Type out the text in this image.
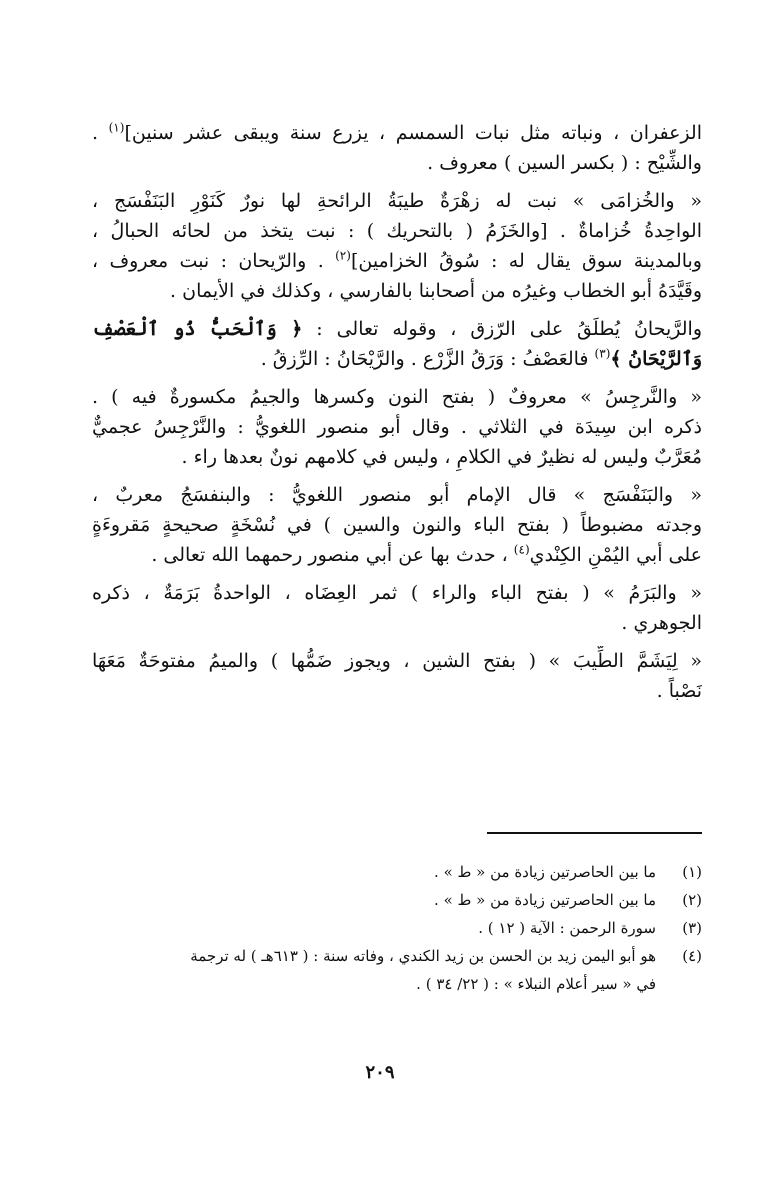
الزعفران ، ونباته مثل نبات السمسم ، يزرع سنة ويبقى عشر سنين]$^{(١)}$ .
والشِّيْح : ( بكسر السين ) معروف .
« والخُزامَى » نبت له زهْرَةٌ طيبَةُ الرائحةِ لها نورٌ كَنَوْرِ البَنَفْسَج ،
الواحِدةُ خُزاماةٌ . [والخَزَمُ ( بالتحريك ) : نبت يتخذ من لحائه الحبالُ ،
وبالمدينة سوق يقال له : سُوقُ الخزامين]$^{(٢)}$ . والرّيحان : نبت معروف ،
وقَيَّدَهُ أبو الخطاب وغيرُه من أصحابنا بالفارسي ، وكذلك في الأيمان .
والرَّيحانُ يُطلَقُ على الرّزق ، وقوله تعالى : ﴿ وَٱلْحَبُّ ذُو ٱلْعَصْفِ
وَٱلرَّيْحَانُ ﴾$^{(٣)}$ فالعَصْفُ : وَرَقُ الزَّرْع . والرَّيْحَانُ : الرِّزقُ .
« والنَّرجِسُ » معروفٌ ( بفتح النون وكسرها والجيمُ مكسورةٌ فيه ) .
ذكره ابن سِيدَة في الثلاثي . وقال أبو منصور اللغويُّ : والنَّرْجِسُ عجميٌّ
مُعَرَّبٌ وليس له نظيرٌ في الكلامِ ، وليس في كلامهم نونٌ بعدها راء .
« والبَنَفْسَج » قال الإمام أبو منصور اللغويُّ : والبنفسَجُ معربٌ ،
وجدته مضبوطاً ( بفتح الباء والنون والسين ) في نُسْخَةٍ صحيحةٍ مَقروءَةٍ
على أبي اليُمْنِ الكِنْدي$^{(٤)}$ ، حدث بها عن أبي منصور رحمهما الله تعالى .
« والبَرَمُ » ( بفتح الباء والراء ) ثمر العِضَاه ، الواحدةُ بَرَمَةٌ ، ذكره
الجوهري .
« لِيَشَمَّ الطِّيبَ » ( بفتح الشين ، ويجوز ضَمُّها ) والميمُ مفتوحَةٌ مَعَهَا
نَصْباً .
(١)
ما بين الحاصرتين زيادة من « ط » .
(٢)
ما بين الحاصرتين زيادة من « ط » .
(٣)
سورة الرحمن : الآية ( ١٢ ) .
(٤)
هو أبو اليمن زيد بن الحسن بن زيد الكندي ، وفاته سنة : ( ٦١٣هـ ) له ترجمة
في « سير أعلام النبلاء » : ( ٢٢/ ٣٤ ) .
٢٠٩
